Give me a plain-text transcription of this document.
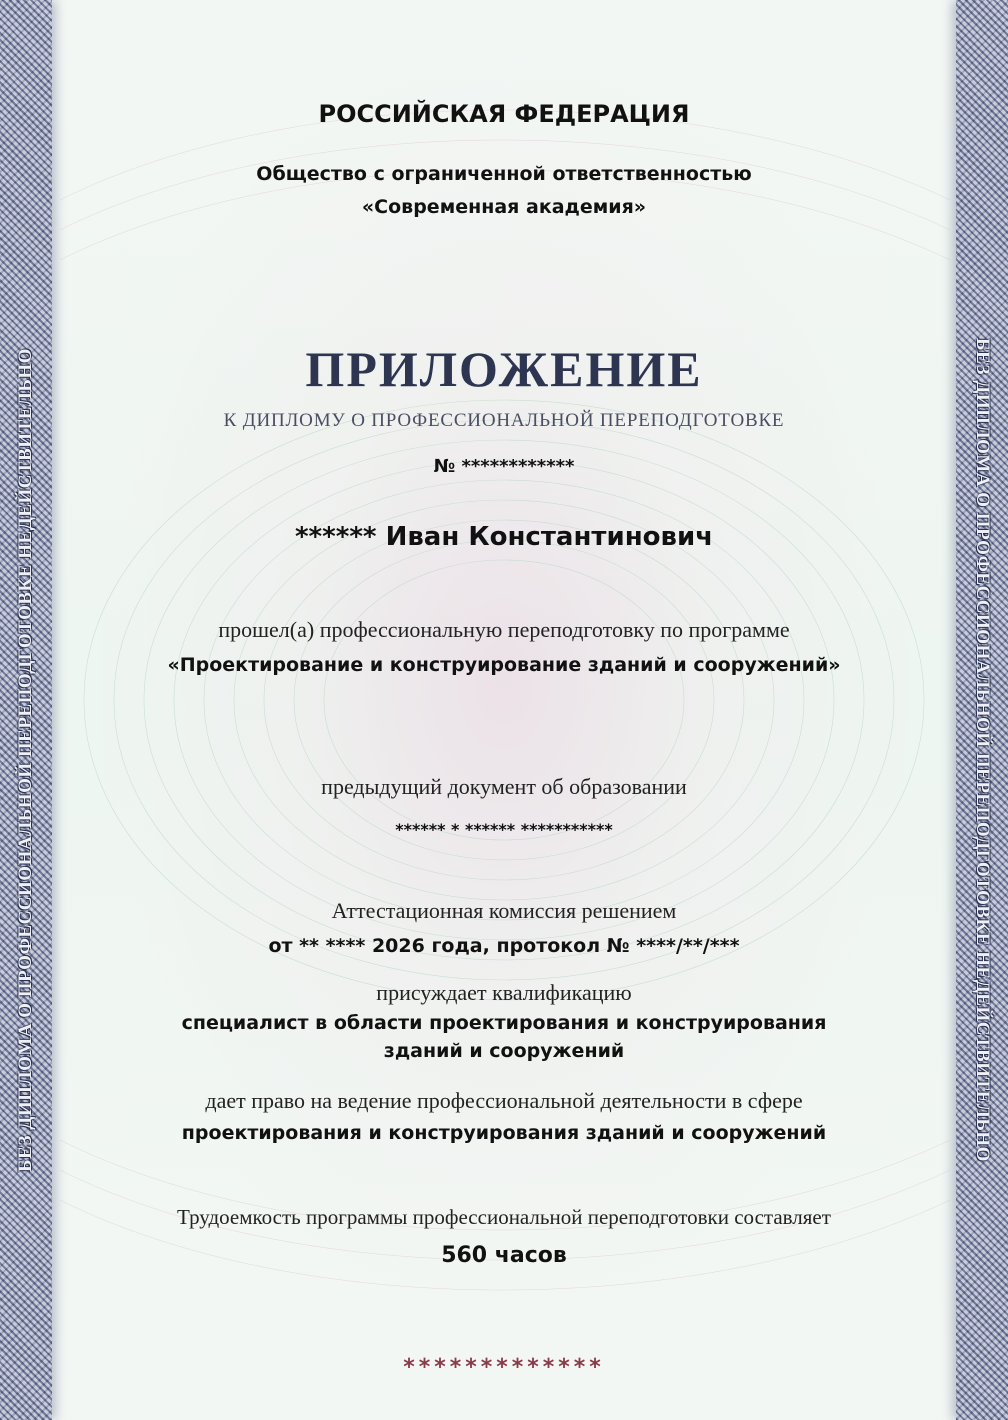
БЕЗ ДИПЛОМА О ПРОФЕССИОНАЛЬНОЙ ПЕРЕПОДГОТОВКЕ НЕДЕЙСТВИТЕЛЬНО	БЕЗ ДИПЛОМА О ПРОФЕССИОНАЛЬНОЙ ПЕРЕПОДГОТОВКЕ НЕДЕЙСТВИТЕЛЬНО
РОССИЙСКАЯ ФЕДЕРАЦИЯ
Общество с ограниченной ответственностью
«Современная академия»
ПРИЛОЖЕНИЕ
К ДИПЛОМУ О ПРОФЕССИОНАЛЬНОЙ ПЕРЕПОДГОТОВКЕ
№ ************
****** Иван Константинович
прошел(а) профессиональную переподготовку по программе
«Проектирование и конструирование зданий и сооружений»
предыдущий документ об образовании
****** * ****** ***********
Аттестационная комиссия решением
от ** **** 2026 года, протокол № ****/**/***
присуждает квалификацию
специалист в области проектирования и конструирования
зданий и сооружений
дает право на ведение профессиональной деятельности в сфере
проектирования и конструирования зданий и сооружений
Трудоемкость программы профессиональной переподготовки составляет
560 часов
*************
